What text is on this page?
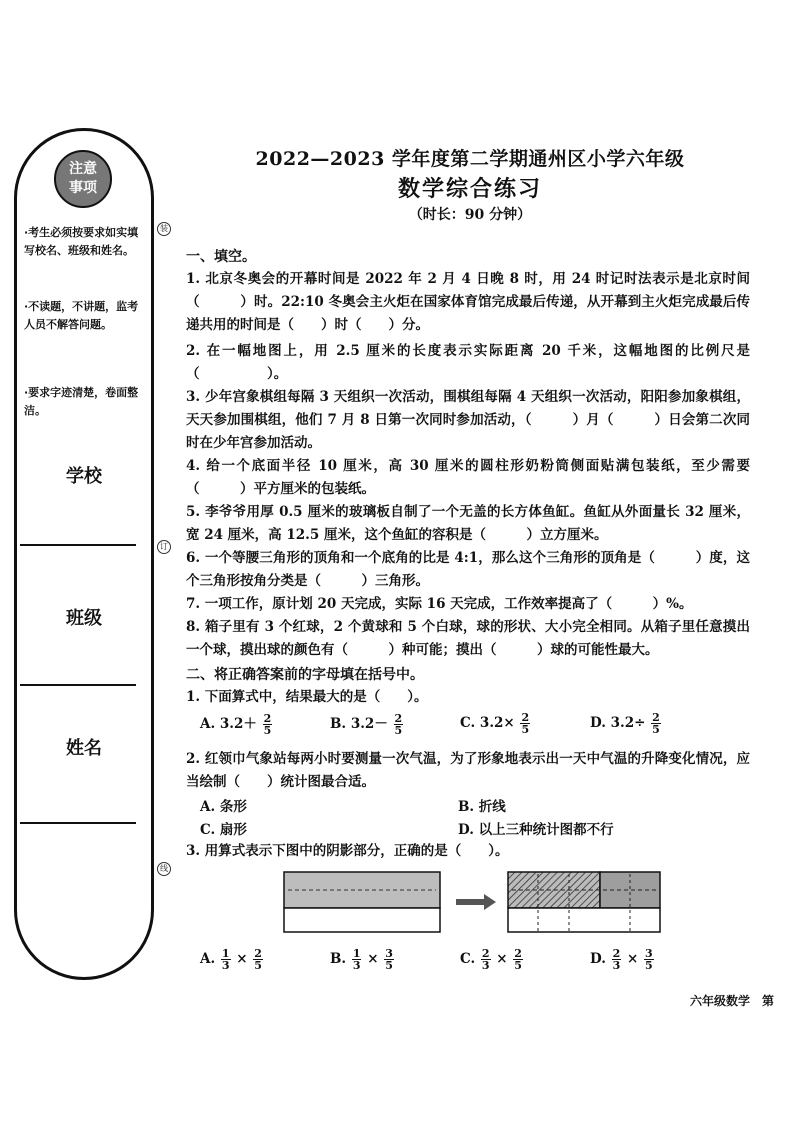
注意
事项
·考生必须按要求如实填写校名、班级和姓名。
·不读题，不讲题，监考人员不解答问题。
·要求字迹清楚，卷面整洁。
学校
班级
姓名
装
订
线
2022—2023 学年度第二学期通州区小学六年级
数学综合练习
（时长：90 分钟）
一、填空。
1. 北京冬奥会的开幕时间是 2022 年 2 月 4 日晚 8 时，用 24 时记时法表示是北京时间（　　　）时。22:10 冬奥会主火炬在国家体育馆完成最后传递，从开幕到主火炬完成最后传递共用的时间是（　　）时（　　）分。
2. 在一幅地图上，用 2.5 厘米的长度表示实际距离 20 千米，这幅地图的比例尺是（　　　　　）。
3. 少年宫象棋组每隔 3 天组织一次活动，围棋组每隔 4 天组织一次活动，阳阳参加象棋组，天天参加围棋组，他们 7 月 8 日第一次同时参加活动，（　　　）月（　　　）日会第二次同时在少年宫参加活动。
4. 给一个底面半径 10 厘米，高 30 厘米的圆柱形奶粉筒侧面贴满包装纸，至少需要（　　　）平方厘米的包装纸。
5. 李爷爷用厚 0.5 厘米的玻璃板自制了一个无盖的长方体鱼缸。鱼缸从外面量长 32 厘米，宽 24 厘米，高 12.5 厘米，这个鱼缸的容积是（　　　）立方厘米。
6. 一个等腰三角形的顶角和一个底角的比是 4:1，那么这个三角形的顶角是（　　　）度，这个三角形按角分类是（　　　）三角形。
7. 一项工作，原计划 20 天完成，实际 16 天完成，工作效率提高了（　　　）%。
8. 箱子里有 3 个红球，2 个黄球和 5 个白球，球的形状、大小完全相同。从箱子里任意摸出一个球，摸出球的颜色有（　　　）种可能；摸出（　　　）球的可能性最大。
二、将正确答案前的字母填在括号中。
1. 下面算式中，结果最大的是（　　）。
A. $3.2+ \frac{2}{5}$	B. $3.2- \frac{2}{5}$	C. $3.2\times \frac{2}{5}$	D. $3.2\div \frac{2}{5}$
2. 红领巾气象站每两小时要测量一次气温，为了形象地表示出一天中气温的升降变化情况，应当绘制（　　）统计图最合适。
A. 条形	B. 折线
C. 扇形	D. 以上三种统计图都不行
3. 用算式表示下图中的阴影部分，正确的是（　　）。
A. $\frac{1}{3} \times \frac{2}{5}$	B. $\frac{1}{3} \times \frac{3}{5}$	C. $\frac{2}{3} \times \frac{2}{5}$	D. $\frac{2}{3} \times \frac{3}{5}$
六年级数学　第
